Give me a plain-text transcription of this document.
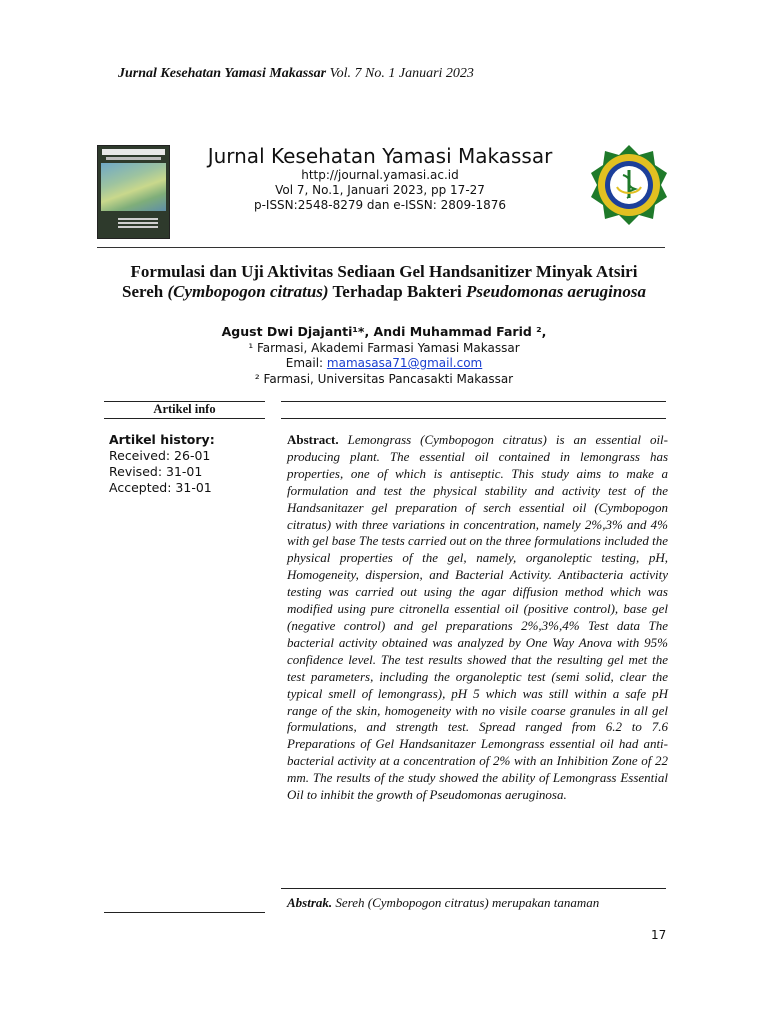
Jurnal Kesehatan Yamasi Makassar Vol. 7 No. 1 Januari 2023
Jurnal Kesehatan Yamasi Makassar
http://journal.yamasi.ac.id
Vol 7, No.1, Januari 2023, pp 17-27
p-ISSN:2548-8279 dan e-ISSN: 2809-1876
Formulasi dan Uji Aktivitas Sediaan Gel Handsanitizer Minyak Atsiri
Sereh (Cymbopogon citratus) Terhadap Bakteri Pseudomonas aeruginosa
Agust Dwi Djajanti¹*, Andi Muhammad Farid ²,
¹ Farmasi, Akademi Farmasi Yamasi Makassar
Email: mamasasa71@gmail.com
² Farmasi, Universitas Pancasakti Makassar
Artikel info
Artikel history:
Received: 26-01
Revised: 31-01
Accepted: 31-01
Abstract. Lemongrass (Cymbopogon citratus) is an essential oil-producing plant. The essential oil contained in lemongrass has properties, one of which is antiseptic. This study aims to make a formulation and test the physical stability and activity test of the Handsanitazer gel preparation of serch essential oil (Cymbopogon citratus) with three variations in concentration, namely 2%,3% and 4% with gel base The tests carried out on the three formulations included the physical properties of the gel, namely, organoleptic testing, pH, Homogeneity, dispersion, and Bacterial Activity. Antibacteria activity testing was carried out using the agar diffusion method which was modified using pure citronella essential oil (positive control), base gel (negative control) and gel preparations 2%,3%,4% Test data The bacterial activity obtained was analyzed by One Way Anova with 95% confidence level. The test results showed that the resulting gel met the test parameters, including the organoleptic test (semi solid, clear the typical smell of lemongrass), pH 5 which was still within a safe pH range of the skin, homogeneity with no visile coarse granules in all gel formulations, and strength test. Spread ranged from 6.2 to 7.6 Preparations of Gel Handsanitazer Lemongrass essential oil had anti-bacterial activity at a concentration of 2% with an Inhibition Zone of 22 mm. The results of the study showed the ability of Lemongrass Essential Oil to inhibit the growth of Pseudomonas aeruginosa.
Abstrak. Sereh (Cymbopogon citratus) merupakan tanaman
17
